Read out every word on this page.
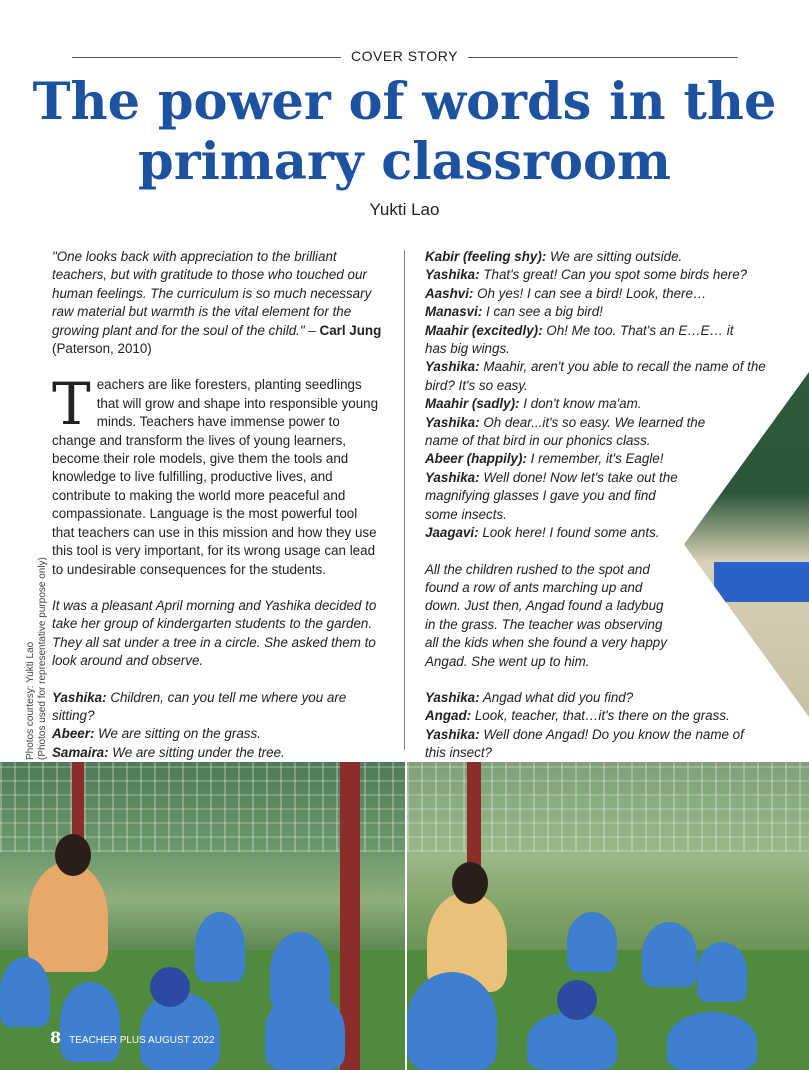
COVER STORY
The power of words in the primary classroom
Yukti Lao

"One looks back with appreciation to the brilliant teachers, but with gratitude to those who touched our human feelings. The curriculum is so much necessary raw material but warmth is the vital element for the growing plant and for the soul of the child." – Carl Jung (Paterson, 2010)

Teachers are like foresters, planting seedlings that will grow and shape into responsible young minds. Teachers have immense power to change and transform the lives of young learners, become their role models, give them the tools and knowledge to live fulfilling, productive lives, and contribute to making the world more peaceful and compassionate. Language is the most powerful tool that teachers can use in this mission and how they use this tool is very important, for its wrong usage can lead to undesirable consequences for the students.

It was a pleasant April morning and Yashika decided to take her group of kindergarten students to the garden. They all sat under a tree in a circle. She asked them to look around and observe.

Yashika: Children, can you tell me where you are sitting?

Abeer: We are sitting on the grass.

Samaira: We are sitting under the tree.

Kabir (feeling shy): We are sitting outside.

Yashika: That's great! Can you spot some birds here?

Aashvi: Oh yes! I can see a bird! Look, there…

Manasvi: I can see a big bird!

Maahir (excitedly): Oh! Me too. That's an E…E… it has big wings.

Yashika: Maahir, aren't you able to recall the name of the bird? It's so easy.

Maahir (sadly): I don't know ma'am.

Yashika: Oh dear...it's so easy. We learned the name of that bird in our phonics class.

Abeer (happily): I remember, it's Eagle!

Yashika: Well done! Now let's take out the magnifying glasses I gave you and find some insects.

Jaagavi: Look here! I found some ants.

All the children rushed to the spot and found a row of ants marching up and down. Just then, Angad found a ladybug in the grass. The teacher was observing all the kids when she found a very happy Angad. She went up to him.

Yashika: Angad what did you find?

Angad: Look, teacher, that…it's there on the grass.

Yashika: Well done Angad! Do you know the name of this insect?

Photos courtesy: Yukti Lao (Photos used for representative purpose only)
8 TEACHER PLUS AUGUST 2022
